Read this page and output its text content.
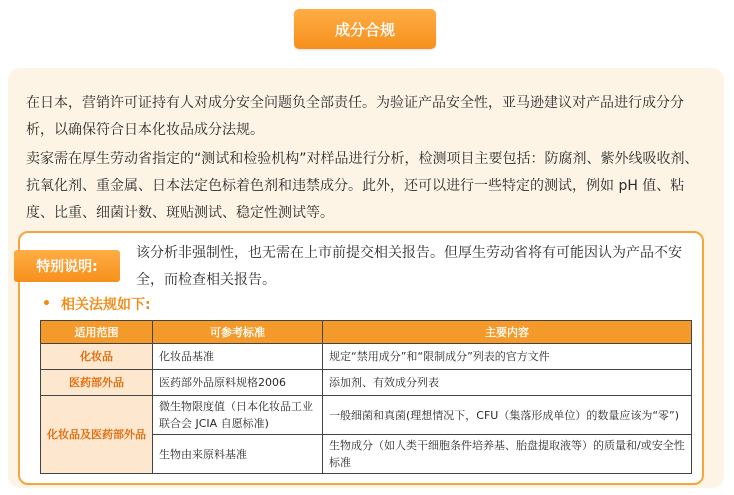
成分合规

在日本，营销许可证持有人对成分安全问题负全部责任。为验证产品安全性，亚马逊建议对产品进行成分分析，以确保符合日本化妆品成分法规。

卖家需在厚生劳动省指定的“测试和检验机构”对样品进行分析，检测项目主要包括：防腐剂、紫外线吸收剂、抗氧化剂、重金属、日本法定色标着色剂和违禁成分。此外，还可以进行一些特定的测试，例如 pH 值、粘度、比重、细菌计数、斑贴测试、稳定性测试等。

特别说明:

该分析非强制性，也无需在上市前提交相关报告。但厚生劳动省将有可能因认为产品不安全，而检查相关报告。

• 相关法规如下:
适用范围	可参考标准	主要内容
化妆品	化妆品基准	规定“禁用成分”和“限制成分”列表的官方文件
医药部外品	医药部外品原料规格2006	添加剂、有效成分列表
化妆品及医药部外品	微生物限度值（日本化妆品工业联合会 JCIA 自愿标准)	一般细菌和真菌(理想情况下，CFU（集落形成单位）的数量应该为“零”)
	生物由来原料基准	生物成分（如人类干细胞条件培养基、胎盘提取液等）的质量和/或安全性标准
